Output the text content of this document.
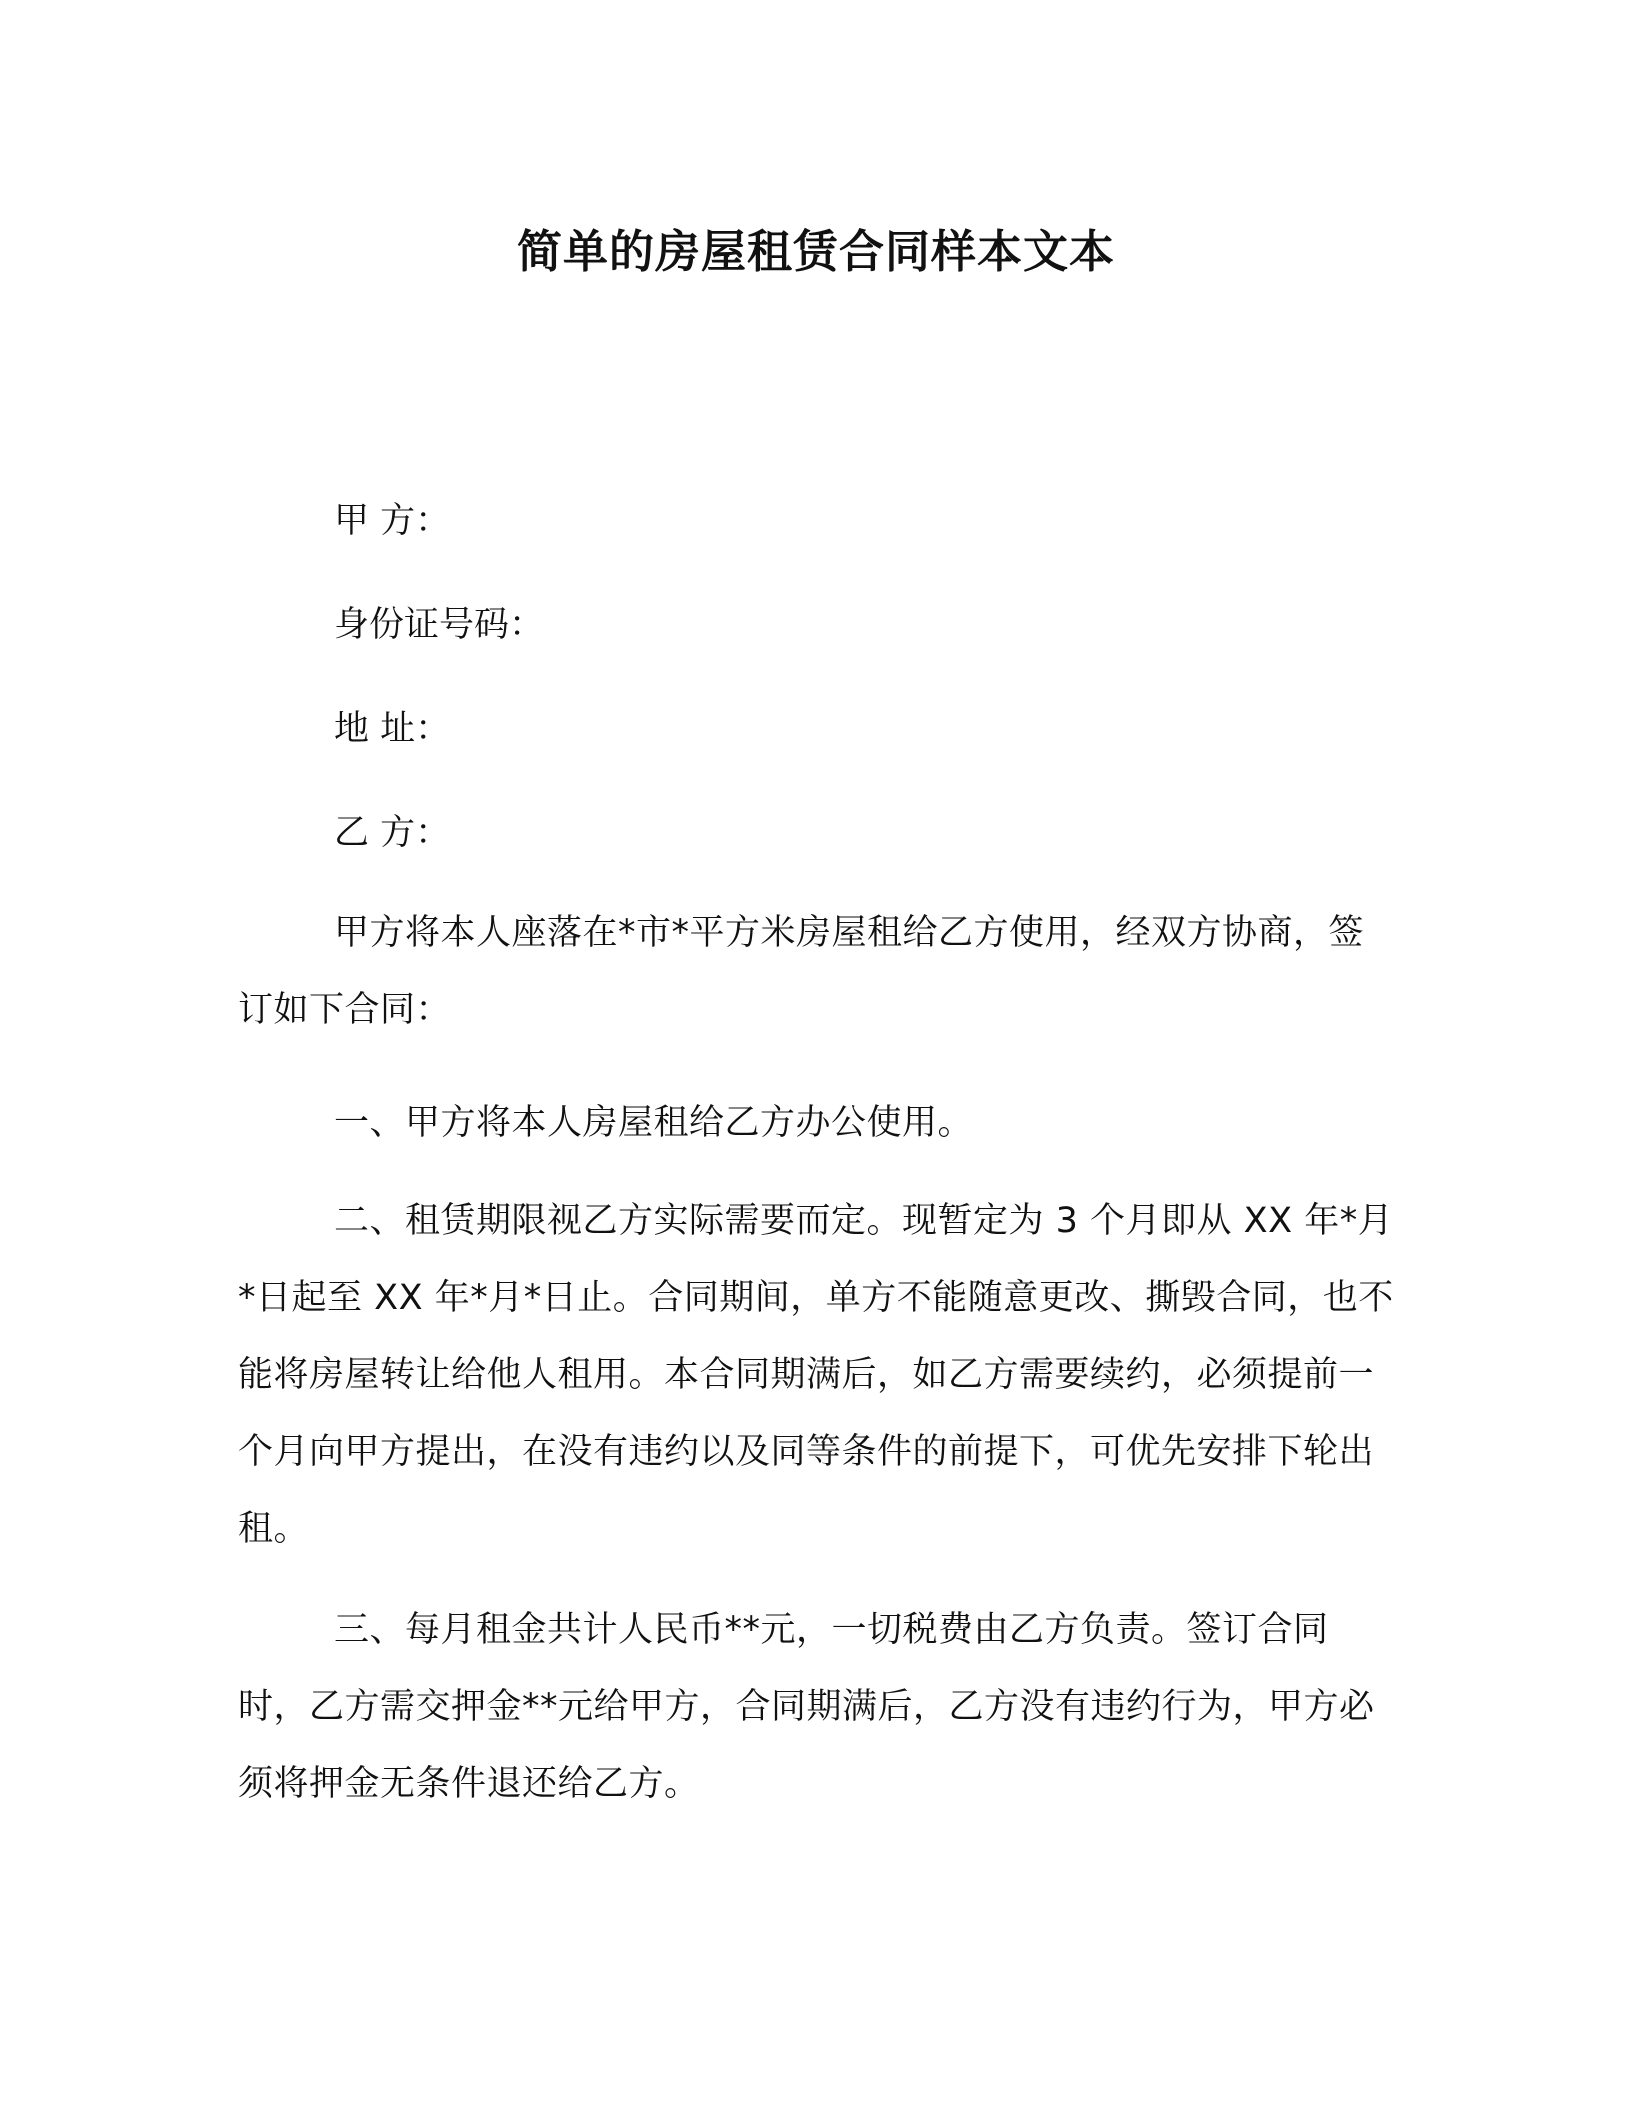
简单的房屋租赁合同样本文本
甲 方：
身份证号码：
地 址：
乙 方：
甲方将本人座落在*市*平方米房屋租给乙方使用，经双方协商，签订如下合同：
一、甲方将本人房屋租给乙方办公使用。
二、租赁期限视乙方实际需要而定。现暂定为 3 个月即从 XX 年*月*日起至 XX 年*月*日止。合同期间，单方不能随意更改、撕毁合同，也不能将房屋转让给他人租用。本合同期满后，如乙方需要续约，必须提前一个月向甲方提出，在没有违约以及同等条件的前提下，可优先安排下轮出租。
三、每月租金共计人民币**元，一切税费由乙方负责。签订合同时，乙方需交押金**元给甲方，合同期满后，乙方没有违约行为，甲方必须将押金无条件退还给乙方。
